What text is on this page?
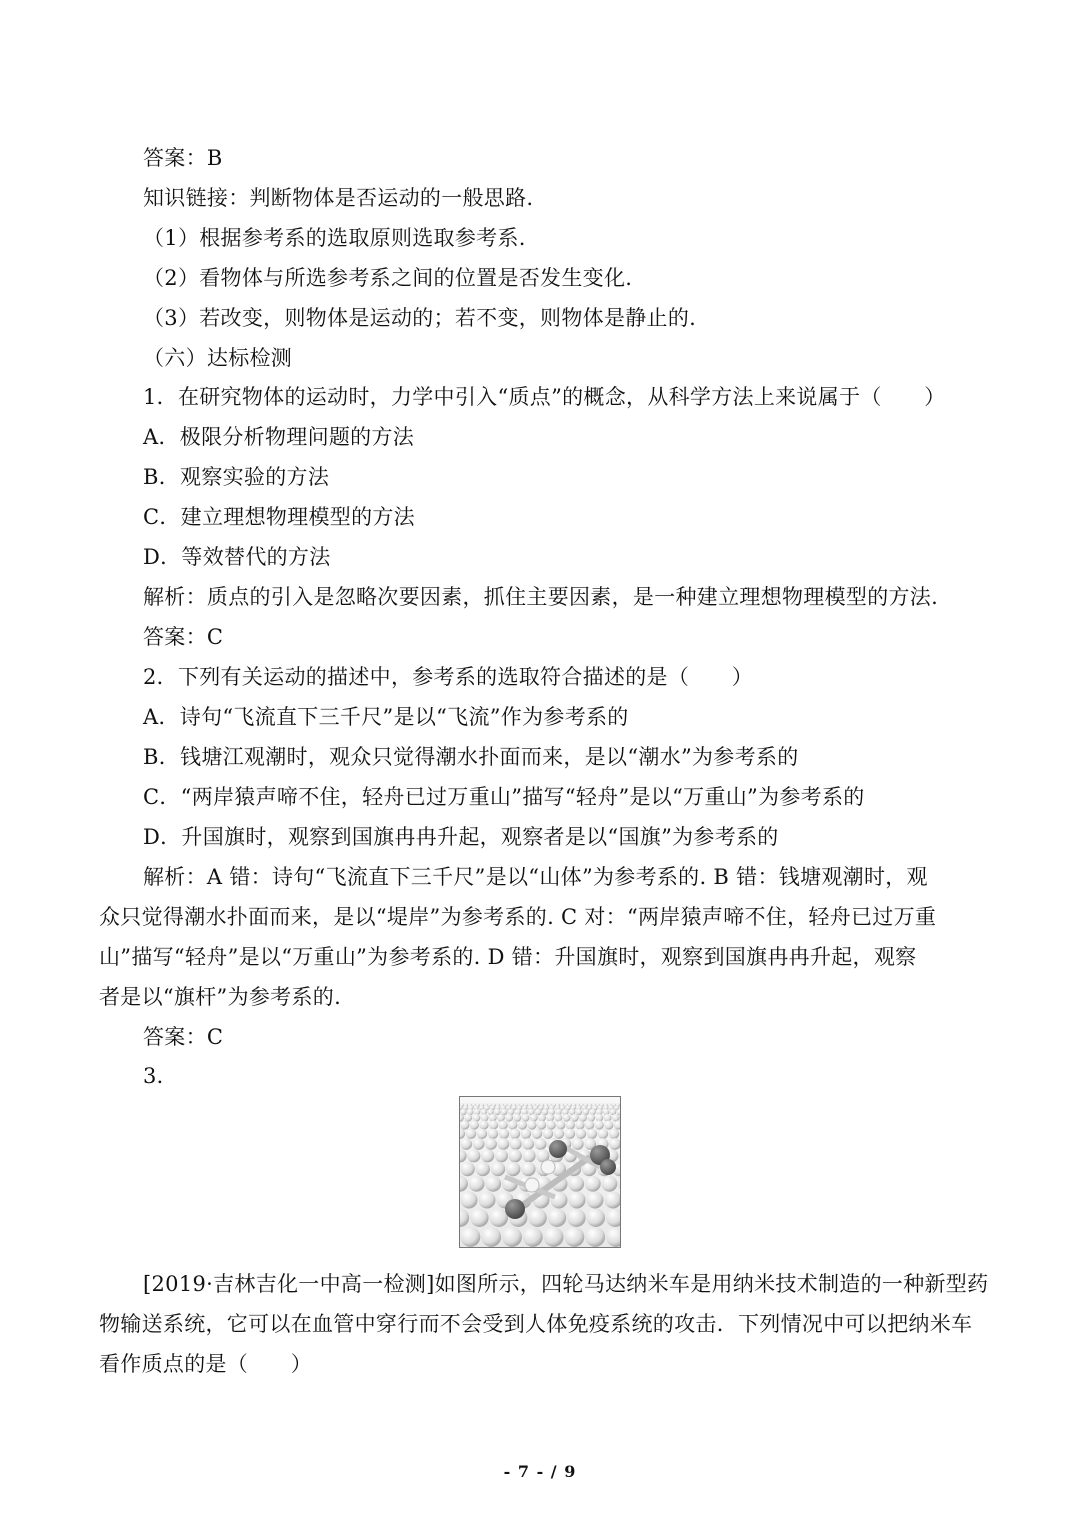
答案：B
知识链接：判断物体是否运动的一般思路.
（1）根据参考系的选取原则选取参考系.
（2）看物体与所选参考系之间的位置是否发生变化.
（3）若改变，则物体是运动的；若不变，则物体是静止的.
（六）达标检测
1．在研究物体的运动时，力学中引入“质点”的概念，从科学方法上来说属于（　　）
A．极限分析物理问题的方法
B．观察实验的方法
C．建立理想物理模型的方法
D．等效替代的方法
解析：质点的引入是忽略次要因素，抓住主要因素，是一种建立理想物理模型的方法.
答案：C
2．下列有关运动的描述中，参考系的选取符合描述的是（　　）
A．诗句“飞流直下三千尺”是以“飞流”作为参考系的
B．钱塘江观潮时，观众只觉得潮水扑面而来，是以“潮水”为参考系的
C．“两岸猿声啼不住，轻舟已过万重山”描写“轻舟”是以“万重山”为参考系的
D．升国旗时，观察到国旗冉冉升起，观察者是以“国旗”为参考系的
解析：A 错：诗句“飞流直下三千尺”是以“山体”为参考系的. B 错：钱塘观潮时，观
众只觉得潮水扑面而来，是以“堤岸”为参考系的. C 对：“两岸猿声啼不住，轻舟已过万重
山”描写“轻舟”是以“万重山”为参考系的. D 错：升国旗时，观察到国旗冉冉升起，观察
者是以“旗杆”为参考系的.
答案：C
3．
[2019·吉林吉化一中高一检测]如图所示，四轮马达纳米车是用纳米技术制造的一种新型药
物输送系统，它可以在血管中穿行而不会受到人体免疫系统的攻击．下列情况中可以把纳米车
看作质点的是（　　）
- 7 - / 9
